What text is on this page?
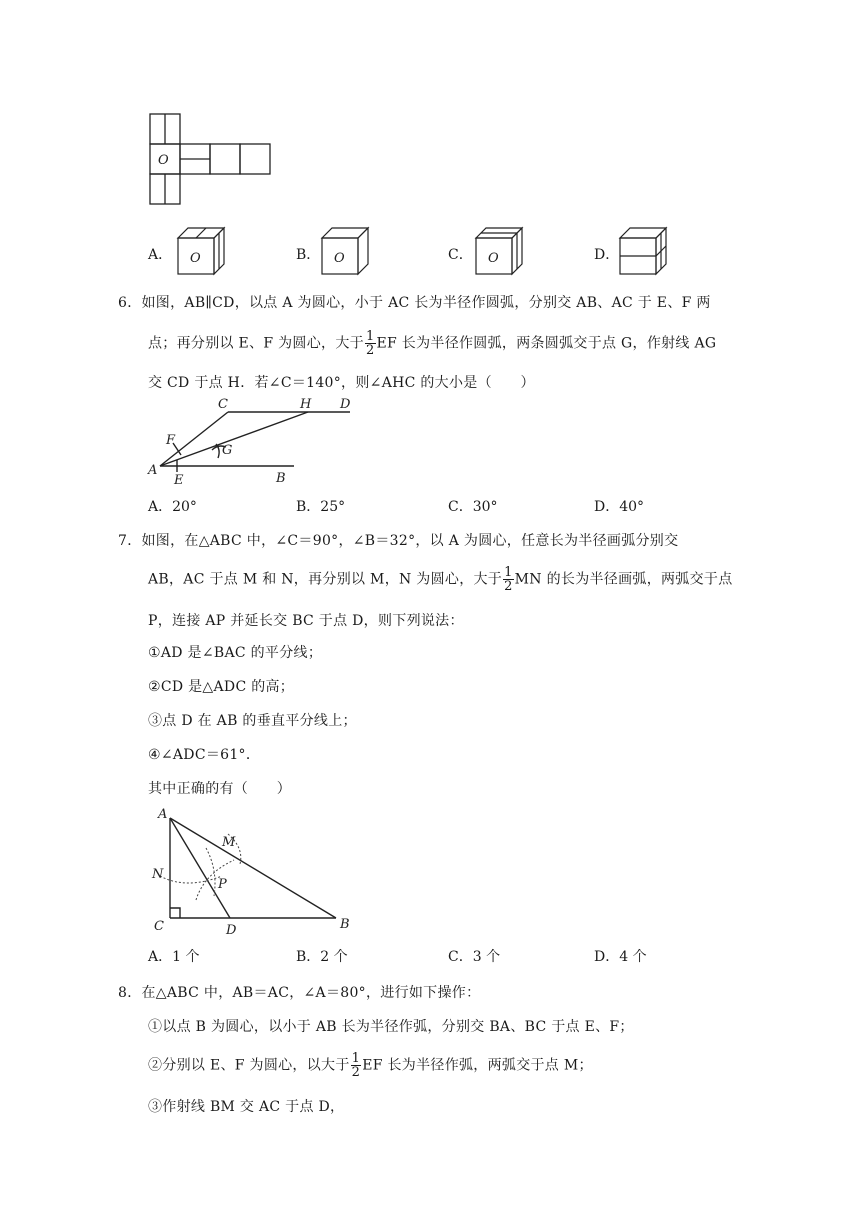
O
A． O	B． O	C． O	D．
6．如图，AB∥CD，以点 A 为圆心，小于 AC 长为半径作圆弧，分别交 AB、AC 于 E、F 两
点；再分别以 E、F 为圆心，大于 $\frac{1}{2}$ EF 长为半径作圆弧，两条圆弧交于点 G，作射线 AG
交 CD 于点 H．若∠C＝140°，则∠AHC 的大小是（　　）
A
B
C	D
E
F
G
H
A．20°	B．25°	C．30°	D．40°
7．如图，在△ABC 中，∠C＝90°，∠B＝32°，以 A 为圆心，任意长为半径画弧分别交
AB，AC 于点 M 和 N，再分别以 M，N 为圆心，大于 $\frac{1}{2}$ MN 的长为半径画弧，两弧交于点
P，连接 AP 并延长交 BC 于点 D，则下列说法：
①AD 是∠BAC 的平分线；
②CD 是△ADC 的高；
③点 D 在 AB 的垂直平分线上；
④∠ADC＝61°．
其中正确的有（　　）
A
M
N
P
C	D	B
A．1 个	B．2 个	C．3 个	D．4 个
8．在△ABC 中，AB＝AC，∠A＝80°，进行如下操作：
①以点 B 为圆心，以小于 AB 长为半径作弧，分别交 BA、BC 于点 E、F；
②分别以 E、F 为圆心，以大于 $\frac{1}{2}$ EF 长为半径作弧，两弧交于点 M；
③作射线 BM 交 AC 于点 D，
